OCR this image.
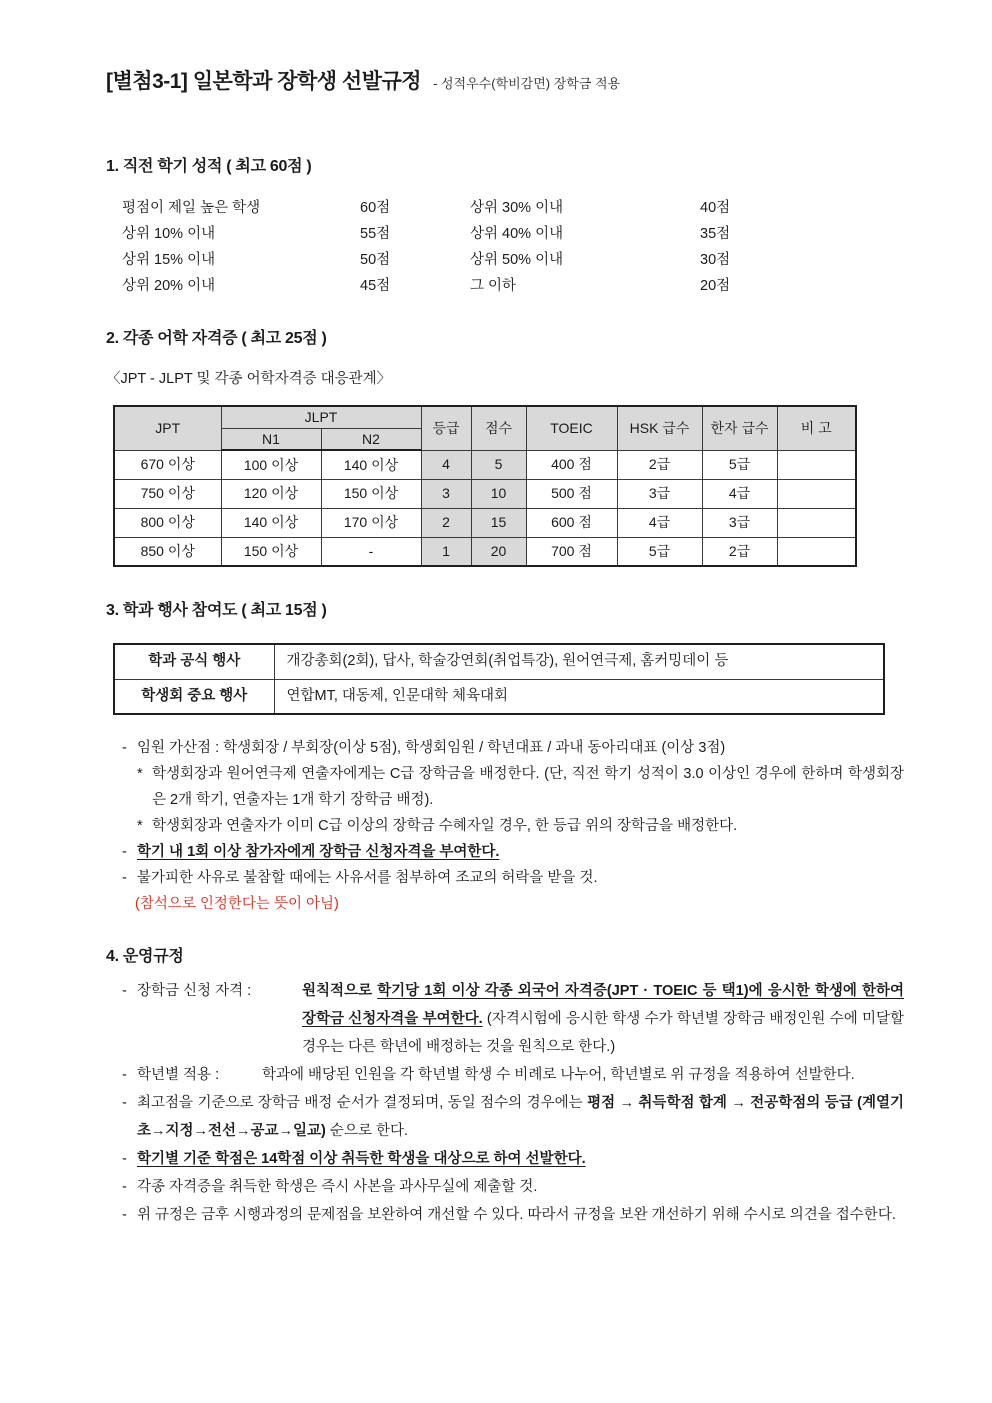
[별첨3-1] 일본학과 장학생 선발규정 - 성적우수(학비감면) 장학금 적용
1. 직전 학기 성적 ( 최고 60점 )
평점이 제일 높은 학생	60점	상위 30% 이내	40점
상위 10% 이내	55점	상위 40% 이내	35점
상위 15% 이내	50점	상위 50% 이내	30점
상위 20% 이내	45점	그 이하	20점
2. 각종 어학 자격증 ( 최고 25점 )
〈JPT - JLPT 및 각종 어학자격증 대응관계〉
JPT	JLPT		등급	점수	TOEIC	HSK 급수	한자 급수	비 고
	N1	N2						
670 이상	100 이상	140 이상	4	5	400 점	2급	5급	
750 이상	120 이상	150 이상	3	10	500 점	3급	4급	
800 이상	140 이상	170 이상	2	15	600 점	4급	3급	
850 이상	150 이상	-	1	20	700 점	5급	2급	
3. 학과 행사 참여도 ( 최고 15점 )
학과 공식 행사	개강총회(2회), 답사, 학술강연회(취업특강), 원어연극제, 홈커밍데이 등
학생회 중요 행사	연합MT, 대동제, 인문대학 체육대회
- 임원 가산점 : 학생회장 / 부회장(이상 5점), 학생회임원 / 학년대표 / 과내 동아리대표 (이상 3점)
* 학생회장과 원어연극제 연출자에게는 C급 장학금을 배정한다. (단, 직전 학기 성적이 3.0 이상인 경우에 한하며 학생회장은 2개 학기, 연출자는 1개 학기 장학금 배정).
* 학생회장과 연출자가 이미 C급 이상의 장학금 수혜자일 경우, 한 등급 위의 장학금을 배정한다.
- 학기 내 1회 이상 참가자에게 장학금 신청자격을 부여한다.
- 불가피한 사유로 불참할 때에는 사유서를 첨부하여 조교의 허락을 받을 것.
(참석으로 인정한다는 뜻이 아님)
4. 운영규정
- 장학금 신청 자격 :	원칙적으로 학기당 1회 이상 각종 외국어 자격증(JPT · TOEIC 등 택1)에 응시한 학생에 한하여 장학금 신청자격을 부여한다. (자격시험에 응시한 학생 수가 학년별 장학금 배정인원 수에 미달할 경우는 다른 학년에 배정하는 것을 원칙으로 한다.)
- 학년별 적용 :	학과에 배당된 인원을 각 학년별 학생 수 비례로 나누어, 학년별로 위 규정을 적용하여 선발한다.
- 최고점을 기준으로 장학금 배정 순서가 결정되며, 동일 점수의 경우에는 평점 → 취득학점 합계 → 전공학점의 등급 (계열기초→지정→전선→공교→일교) 순으로 한다.
- 학기별 기준 학점은 14학점 이상 취득한 학생을 대상으로 하여 선발한다.
- 각종 자격증을 취득한 학생은 즉시 사본을 과사무실에 제출할 것.
- 위 규정은 금후 시행과정의 문제점을 보완하여 개선할 수 있다. 따라서 규정을 보완 개선하기 위해 수시로 의견을 접수한다.
